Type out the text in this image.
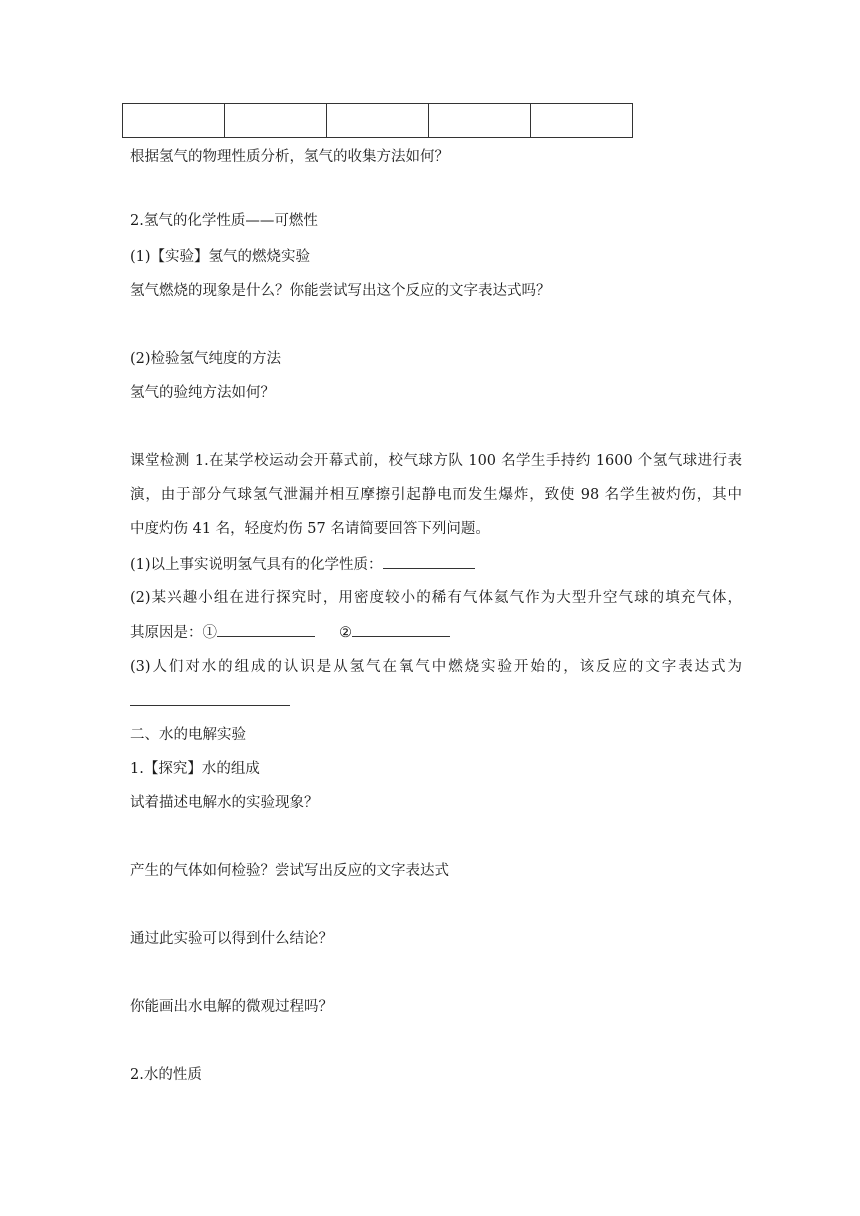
根据氢气的物理性质分析，氢气的收集方法如何？
2.氢气的化学性质——可燃性
(1)【实验】氢气的燃烧实验
氢气燃烧的现象是什么？你能尝试写出这个反应的文字表达式吗？
(2)检验氢气纯度的方法
氢气的验纯方法如何？
课堂检测 1.在某学校运动会开幕式前，校气球方队 100 名学生手持约 1600 个氢气球进行表
演，由于部分气球氢气泄漏并相互摩擦引起静电而发生爆炸，致使 98 名学生被灼伤，其中
中度灼伤 41 名，轻度灼伤 57 名请简要回答下列问题。
(1)以上事实说明氢气具有的化学性质：
(2)某兴趣小组在进行探究时，用密度较小的稀有气体氦气作为大型升空气球的填充气体，
其原因是：①	②
(3)人们对水的组成的认识是从氢气在氧气中燃烧实验开始的，该反应的文字表达式为
二、水的电解实验
1.【探究】水的组成
试着描述电解水的实验现象？
产生的气体如何检验？尝试写出反应的文字表达式
通过此实验可以得到什么结论？
你能画出水电解的微观过程吗？
2.水的性质
